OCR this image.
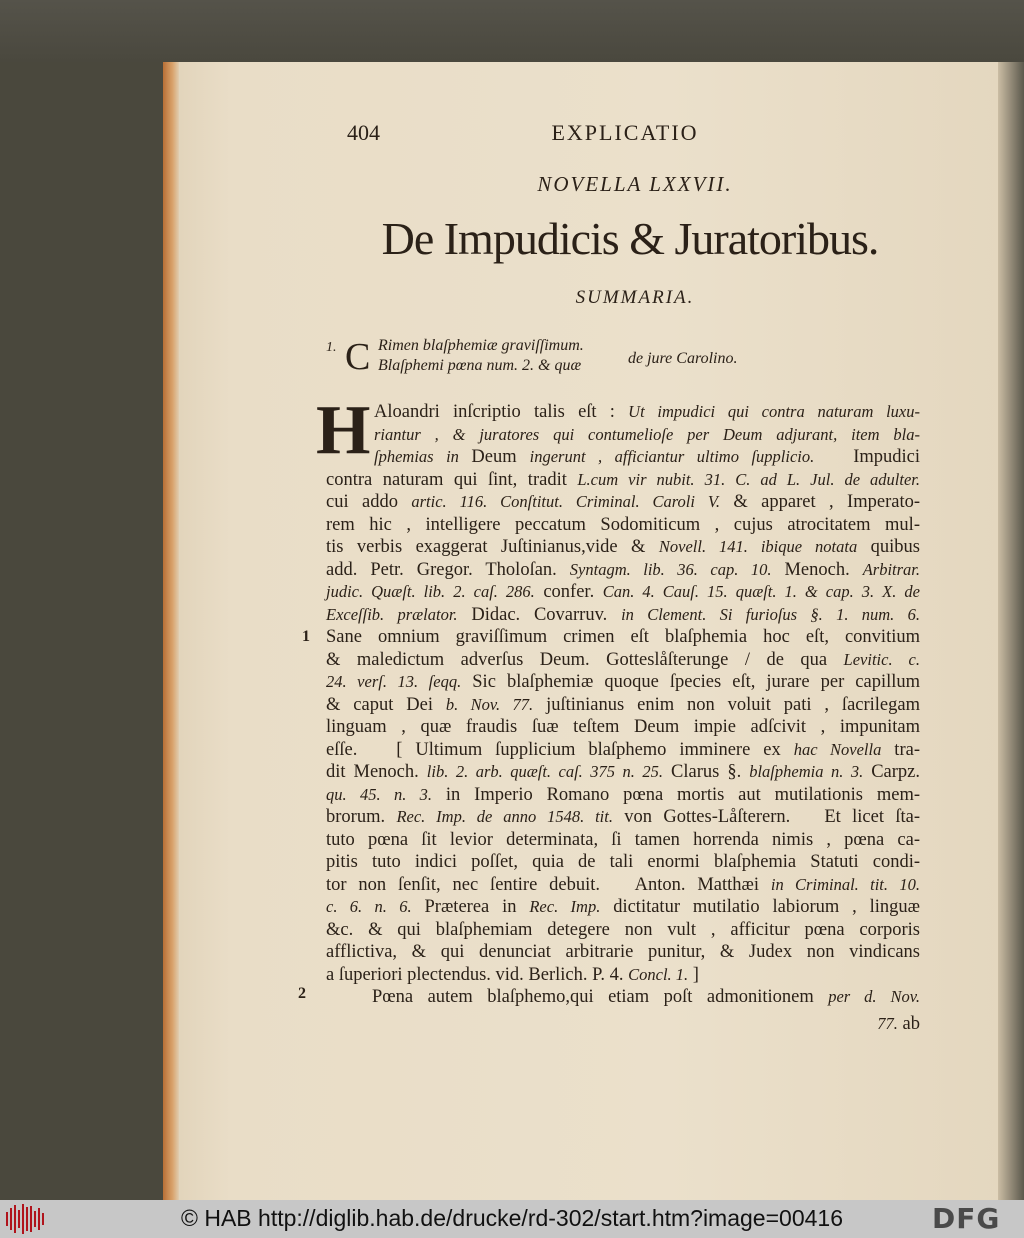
404	EXPLICATIO
NOVELLA LXXVII.
De Impudicis & Juratoribus.
SUMMARIA.
1. C Rimen blaſphemiæ graviſſimum.
Blaſphemi pœna num. 2. & quæ	de jure Carolino.
H
1
2
Aloandri inſcriptio talis eſt : Ut impudici qui contra naturam luxu-
riantur , & juratores qui contumelioſe per Deum adjurant, item bla-
ſphemias in Deum ingerunt , afficiantur ultimo ſupplicio.   Impudici
contra naturam qui ſint, tradit L.cum vir nubit. 31. C. ad L. Jul. de adulter.
cui addo artic. 116. Conſtitut. Criminal. Caroli V. & apparet , Imperato-
rem hic , intelligere peccatum Sodomiticum , cujus atrocitatem mul-
tis verbis exaggerat Juſtinianus,vide & Novell. 141. ibique notata quibus
add. Petr. Gregor. Tholoſan. Syntagm. lib. 36. cap. 10. Menoch. Arbitrar.
judic. Quæſt. lib. 2. caſ. 286. confer. Can. 4. Cauſ. 15. quæſt. 1. & cap. 3. X. de
Exceſſib. prælator. Didac. Covarruv. in Clement. Si furioſus §. 1. num. 6.
Sane omnium graviſſimum crimen eſt blaſphemia hoc eſt, convitium
& maledictum adverſus Deum. Gotteslåſterunge / de qua Levitic. c.
24. verſ. 13. ſeqq. Sic blaſphemiæ quoque ſpecies eſt, jurare per capillum
& caput Dei b. Nov. 77. juſtinianus enim non voluit pati , ſacrilegam
linguam , quæ fraudis ſuæ teſtem Deum impie adſcivit , impunitam
eſſe.   [ Ultimum ſupplicium blaſphemo imminere ex hac Novella tra-
dit Menoch. lib. 2. arb. quæſt. caſ. 375 n. 25. Clarus §. blaſphemia n. 3. Carpz.
qu. 45. n. 3. in Imperio Romano pœna mortis aut mutilationis mem-
brorum. Rec. Imp. de anno 1548. tit. von Gottes-Låſterern.   Et licet ſta-
tuto pœna ſit levior determinata, ſi tamen horrenda nimis , pœna ca-
pitis tuto indici poſſet, quia de tali enormi blaſphemia Statuti condi-
tor non ſenſit, nec ſentire debuit.   Anton. Matthæi in Criminal. tit. 10.
c. 6. n. 6. Præterea in Rec. Imp. dictitatur mutilatio labiorum , linguæ
&c. & qui blaſphemiam detegere non vult , afficitur pœna corporis
afflictiva, & qui denunciat arbitrarie punitur, & Judex non vindicans
a ſuperiori plectendus. vid. Berlich. P. 4. Concl. 1. ]
Pœna autem blaſphemo,qui etiam poſt admonitionem per d. Nov.
77. ab
© HAB http://diglib.hab.de/drucke/rd-302/start.htm?image=00416	DFG
